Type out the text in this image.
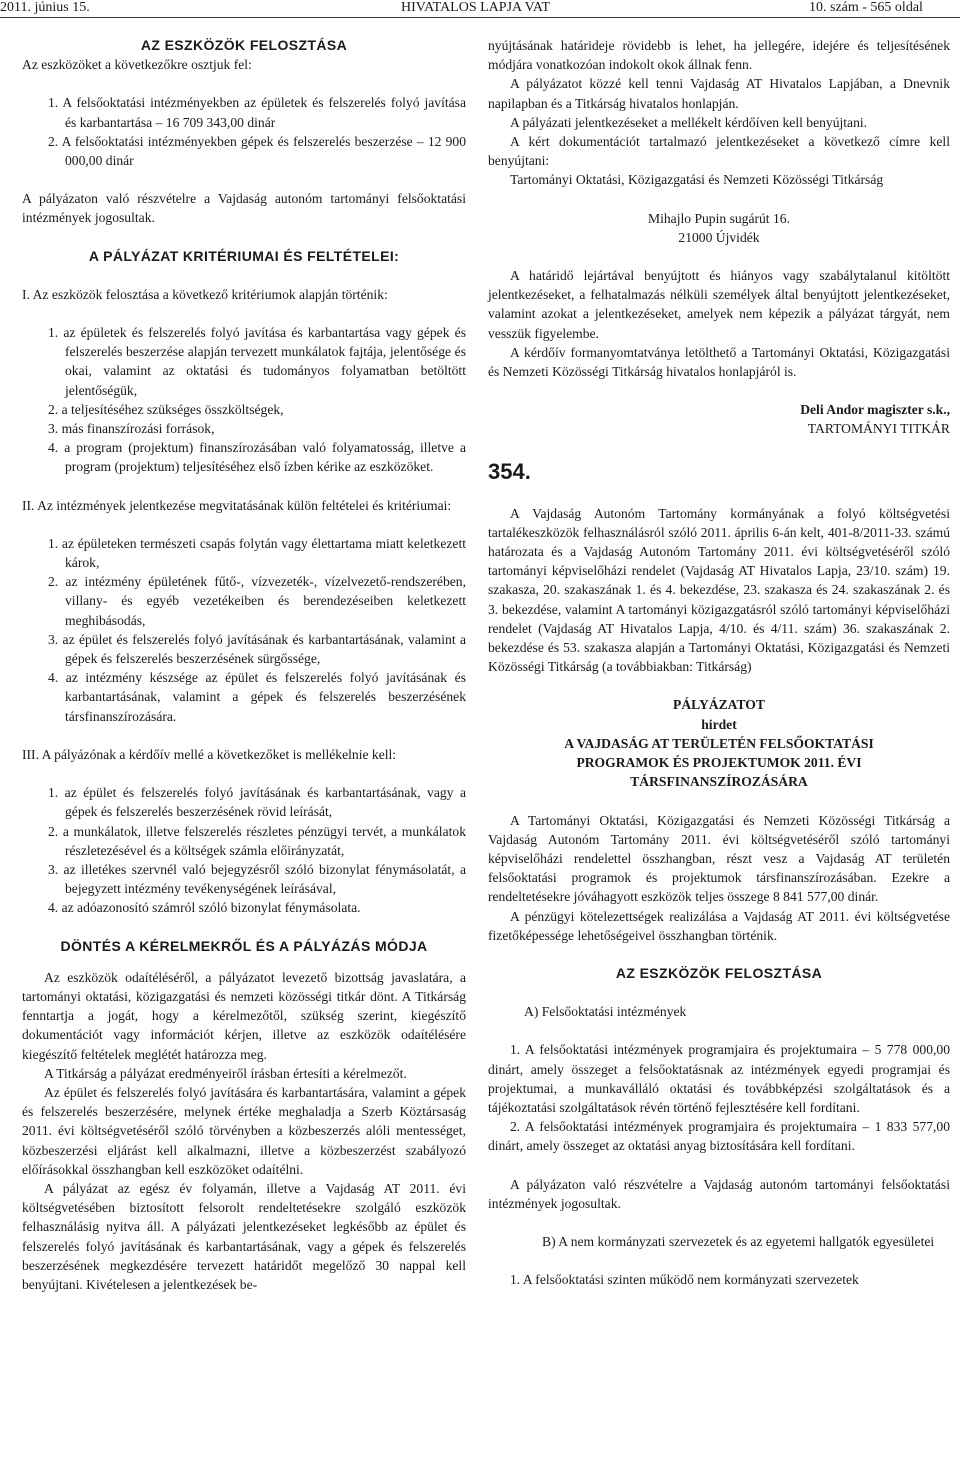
2011. június 15.	HIVATALOS LAPJA VAT	10. szám - 565 oldal

AZ ESZKÖZÖK FELOSZTÁSA

Az eszközöket a következőkre osztjuk fel:

1. A felsőoktatási intézményekben az épületek és felszerelés folyó javítása és karbantartása – 16 709 343,00 dinár

2. A felsőoktatási intézményekben gépek és felszerelés beszerzése – 12 900 000,00 dinár

A pályázaton való részvételre a Vajdaság autonóm tartományi felsőoktatási intézmények jogosultak.

A PÁLYÁZAT KRITÉRIUMAI ÉS FELTÉTELEI:

I. Az eszközök felosztása a következő kritériumok alapján történik:

1. az épületek és felszerelés folyó javítása és karbantartása vagy gépek és felszerelés beszerzése alapján tervezett munkálatok fajtája, jelentősége és okai, valamint az oktatási és tudományos folyamatban betöltött jelentőségük,

2. a teljesítéséhez szükséges összköltségek,

3. más finanszírozási források,

4. a program (projektum) finanszírozásában való folyamatosság, illetve a program (projektum) teljesítéséhez első ízben kérike az eszközöket.

II. Az intézmények jelentkezése megvitatásának külön feltételei és kritériumai:

1. az épületeken természeti csapás folytán vagy élettartama miatt keletkezett károk,

2. az intézmény épületének fűtő-, vízvezeték-, vízelvezető-rendszerében, villany- és egyéb vezetékeiben és berendezéseiben keletkezett meghibásodás,

3. az épület és felszerelés folyó javításának és karbantartásának, valamint a gépek és felszerelés beszerzésének sürgőssége,

4. az intézmény készsége az épület és felszerelés folyó javításának és karbantartásának, valamint a gépek és felszerelés beszerzésének társfinanszírozására.

III. A pályázónak a kérdőív mellé a következőket is mellékelnie kell:

1. az épület és felszerelés folyó javításának és karbantartásának, vagy a gépek és felszerelés beszerzésének rövid leírását,

2. a munkálatok, illetve felszerelés részletes pénzügyi tervét, a munkálatok részletezésével és a költségek számla előirányzatát,

3. az illetékes szervnél való bejegyzésről szóló bizonylat fénymásolatát, a bejegyzett intézmény tevékenységének leírásával,

4. az adóazonosító számról szóló bizonylat fénymásolata.

DÖNTÉS A KÉRELMEKRŐL ÉS A PÁLYÁZÁS MÓDJA

Az eszközök odaítéléséről, a pályázatot levezető bizottság javaslatára, a tartományi oktatási, közigazgatási és nemzeti közösségi titkár dönt. A Titkárság fenntartja a jogát, hogy a kérelmezőtől, szükség szerint, kiegészítő dokumentációt vagy információt kérjen, illetve az eszközök odaítélésére kiegészítő feltételek meglétét határozza meg.

A Titkárság a pályázat eredményeiről írásban értesíti a kérelmezőt.

Az épület és felszerelés folyó javítására és karbantartására, valamint a gépek és felszerelés beszerzésére, melynek értéke meghaladja a Szerb Köztársaság 2011. évi költségvetéséről szóló törvényben a közbeszerzés alóli mentességet, közbeszerzési eljárást kell alkalmazni, illetve a közbeszerzést szabályozó előírásokkal összhangban kell eszközöket odaítélni.

A pályázat az egész év folyamán, illetve a Vajdaság AT 2011. évi költségvetésében biztosított felsorolt rendeltetésekre szolgáló eszközök felhasználásig nyitva áll. A pályázati jelentkezéseket legkésőbb az épület és felszerelés folyó javításának és karbantartásának, vagy a gépek és felszerelés beszerzésének megkezdésére tervezett határidőt megelőző 30 nappal kell benyújtani. Kivételesen a jelentkezések be-

nyújtásának határideje rövidebb is lehet, ha jellegére, idejére és teljesítésének módjára vonatkozóan indokolt okok állnak fenn.

A pályázatot közzé kell tenni Vajdaság AT Hivatalos Lapjában, a Dnevnik napilapban és a Titkárság hivatalos honlapján.

A pályázati jelentkezéseket a mellékelt kérdőíven kell benyújtani.

A kért dokumentációt tartalmazó jelentkezéseket a következő címre kell benyújtani:

Tartományi Oktatási, Közigazgatási és Nemzeti Közösségi Titkárság

Mihajlo Pupin sugárút 16.

21000 Újvidék

A határidő lejártával benyújtott és hiányos vagy szabálytalanul kitöltött jelentkezéseket, a felhatalmazás nélküli személyek által benyújtott jelentkezéseket, valamint azokat a jelentkezéseket, amelyek nem képezik a pályázat tárgyát, nem vesszük figyelembe.

A kérdőív formanyomtatványa letölthető a Tartományi Oktatási, Közigazgatási és Nemzeti Közösségi Titkárság hivatalos honlapjáról is.

Deli Andor magiszter s.k.,

TARTOMÁNYI TITKÁR

354.

A Vajdaság Autonóm Tartomány kormányának a folyó költségvetési tartalékeszközök felhasználásról szóló 2011. április 6-án kelt, 401-8/2011-33. számú határozata és a Vajdaság Autonóm Tartomány 2011. évi költségvetéséről szóló tartományi képviselőházi rendelet (Vajdaság AT Hivatalos Lapja, 23/10. szám) 19. szakasza, 20. szakaszának 1. és 4. bekezdése, 23. szakasza és 24. szakaszának 2. és 3. bekezdése, valamint A tartományi közigazgatásról szóló tartományi képviselőházi rendelet (Vajdaság AT Hivatalos Lapja, 4/10. és 4/11. szám) 36. szakaszának 2. bekezdése és 53. szakasza alapján a Tartományi Oktatási, Közigazgatási és Nemzeti Közösségi Titkárság (a továbbiakban: Titkárság)

PÁLYÁZATOT

hirdet

A VAJDASÁG AT TERÜLETÉN FELSŐOKTATÁSI

PROGRAMOK ÉS PROJEKTUMOK 2011. ÉVI

TÁRSFINANSZÍROZÁSÁRA

A Tartományi Oktatási, Közigazgatási és Nemzeti Közösségi Titkárság a Vajdaság Autonóm Tartomány 2011. évi költségvetéséről szóló tartományi képviselőházi rendelettel összhangban, részt vesz a Vajdaság AT területén felsőoktatási programok és projektumok társfinanszírozásában. Ezekre a rendeltetésekre jóváhagyott eszközök teljes összege 8 841 577,00 dinár.

A pénzügyi kötelezettségek realizálása a Vajdaság AT 2011. évi költségvetése fizetőképessége lehetőségeivel összhangban történik.

AZ ESZKÖZÖK FELOSZTÁSA

A) Felsőoktatási intézmények

1. A felsőoktatási intézmények programjaira és projektumaira – 5 778 000,00 dinárt, amely összeget a felsőoktatásnak az intézmények egyedi programjai és projektumai, a munkaválláló oktatási és továbbképzési szolgáltatások és a tájékoztatási szolgáltatások révén történő fejlesztésére kell fordítani.

2. A felsőoktatási intézmények programjaira és projektumaira – 1 833 577,00 dinárt, amely összeget az oktatási anyag biztosítására kell fordítani.

A pályázaton való részvételre a Vajdaság autonóm tartományi felsőoktatási intézmények jogosultak.

B) A nem kormányzati szervezetek és az egyetemi hallgatók egyesületei

1. A felsőoktatási szinten működő nem kormányzati szervezetek
